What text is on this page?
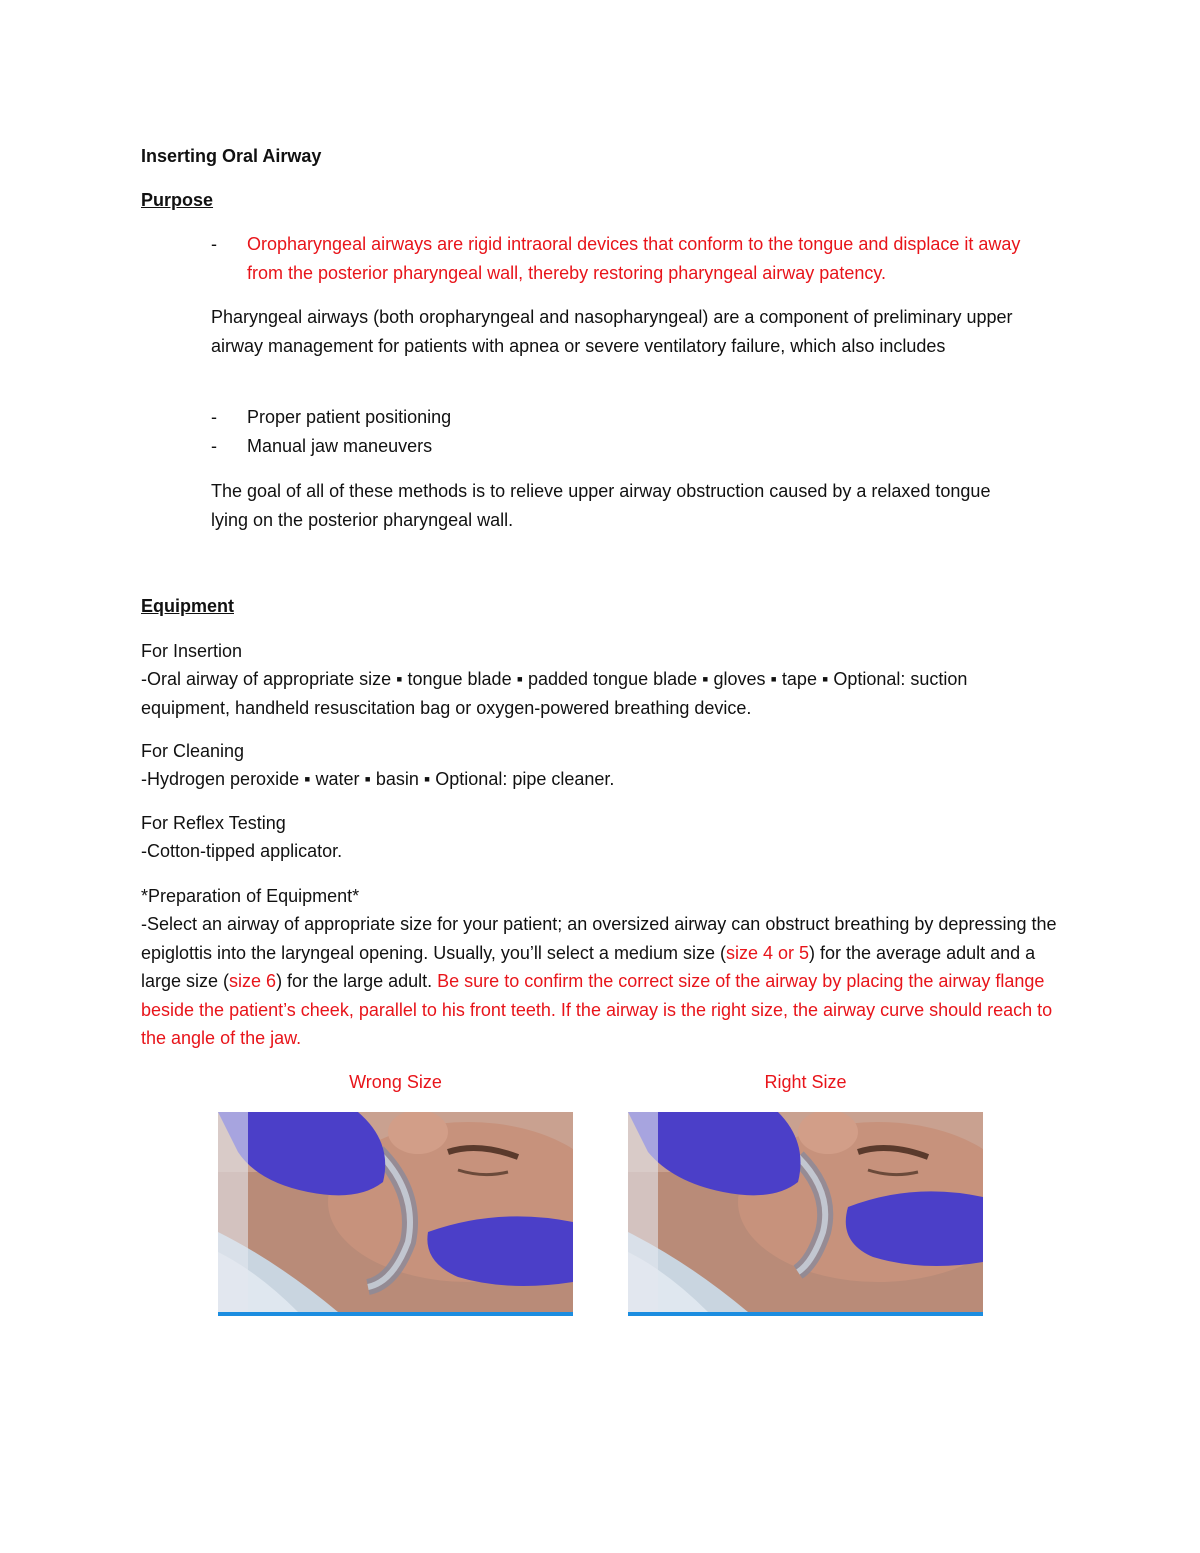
Inserting Oral Airway

Purpose

- Oropharyngeal airways are rigid intraoral devices that conform to the tongue and displace it away from the posterior pharyngeal wall, thereby restoring pharyngeal airway patency.

Pharyngeal airways (both oropharyngeal and nasopharyngeal) are a component of preliminary upper airway management for patients with apnea or severe ventilatory failure, which also includes

- Proper patient positioning
- Manual jaw maneuvers

The goal of all of these methods is to relieve upper airway obstruction caused by a relaxed tongue lying on the posterior pharyngeal wall.

Equipment

For Insertion
-Oral airway of appropriate size ▪ tongue blade ▪ padded tongue blade ▪ gloves ▪ tape ▪ Optional: suction equipment, handheld resuscitation bag or oxygen-powered breathing device.
For Cleaning
-Hydrogen peroxide ▪ water ▪ basin ▪ Optional: pipe cleaner.
For Reflex Testing
-Cotton-tipped applicator.
*Preparation of Equipment*
-Select an airway of appropriate size for your patient; an oversized airway can obstruct breathing by depressing the epiglottis into the laryngeal opening. Usually, you’ll select a medium size (size 4 or 5) for the average adult and a large size (size 6) for the large adult. Be sure to confirm the correct size of the airway by placing the airway flange beside the patient’s cheek, parallel to his front teeth. If the airway is the right size, the airway curve should reach to the angle of the jaw.
Wrong Size	Right Size
